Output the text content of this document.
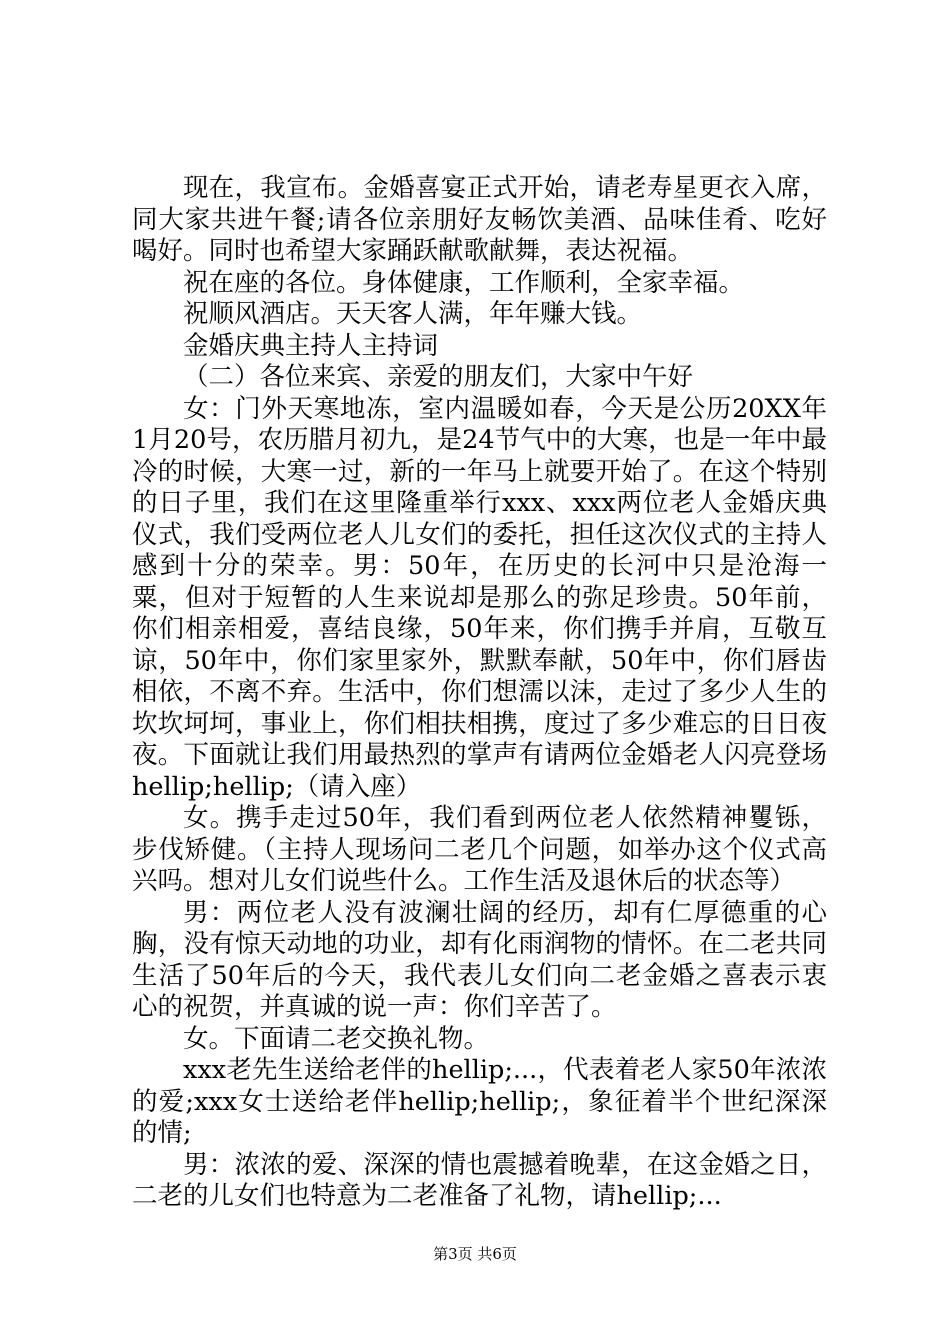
现在，我宣布。金婚喜宴正式开始，请老寿星更衣入席，同大家共进午餐;请各位亲朋好友畅饮美酒、品味佳肴、吃好喝好。同时也希望大家踊跃献歌献舞，表达祝福。

祝在座的各位。身体健康，工作顺利，全家幸福。

祝顺风酒店。天天客人满，年年赚大钱。

金婚庆典主持人主持词

（二）各位来宾、亲爱的朋友们，大家中午好

女：门外天寒地冻，室内温暖如春，今天是公历20XX年1月20号，农历腊月初九，是24节气中的大寒，也是一年中最冷的时候，大寒一过，新的一年马上就要开始了。在这个特别的日子里，我们在这里隆重举行xxx、xxx两位老人金婚庆典仪式，我们受两位老人儿女们的委托，担任这次仪式的主持人感到十分的荣幸。男：50年，在历史的长河中只是沧海一粟，但对于短暂的人生来说却是那么的弥足珍贵。50年前，你们相亲相爱，喜结良缘，50年来，你们携手并肩，互敬互谅，50年中，你们家里家外，默默奉献，50年中，你们唇齿相依，不离不弃。生活中，你们想濡以沫，走过了多少人生的坎坎坷坷，事业上，你们相扶相携，度过了多少难忘的日日夜夜。下面就让我们用最热烈的掌声有请两位金婚老人闪亮登场hellip;hellip;（请入座）

女。携手走过50年，我们看到两位老人依然精神矍铄，步伐矫健。（主持人现场问二老几个问题，如举办这个仪式高兴吗。想对儿女们说些什么。工作生活及退休后的状态等）

男：两位老人没有波澜壮阔的经历，却有仁厚德重的心胸，没有惊天动地的功业，却有化雨润物的情怀。在二老共同生活了50年后的今天，我代表儿女们向二老金婚之喜表示衷心的祝贺，并真诚的说一声：你们辛苦了。

女。下面请二老交换礼物。

xxx老先生送给老伴的hellip;...，代表着老人家50年浓浓的爱;xxx女士送给老伴hellip;hellip;，象征着半个世纪深深的情;

男：浓浓的爱、深深的情也震撼着晚辈，在这金婚之日，二老的儿女们也特意为二老准备了礼物，请hellip;...

第3页 共6页
